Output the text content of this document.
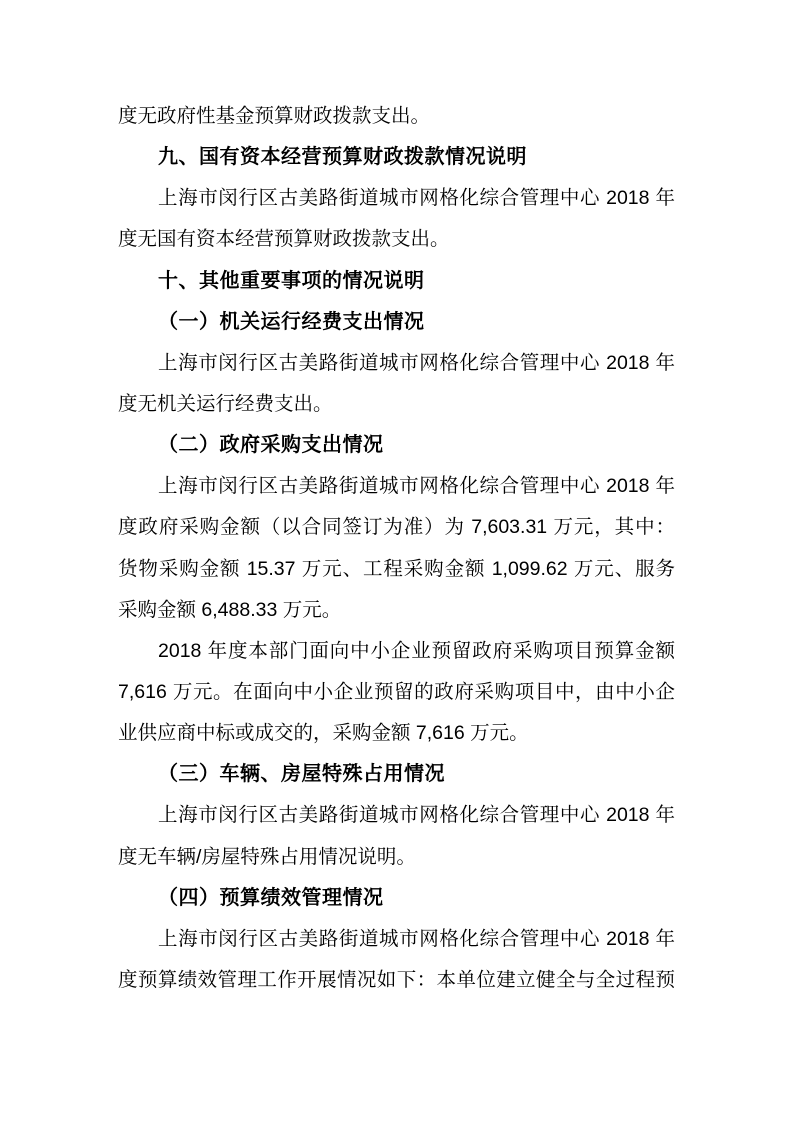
度无政府性基金预算财政拨款支出。
九、国有资本经营预算财政拨款情况说明
上海市闵行区古美路街道城市网格化综合管理中心 2018 年
度无国有资本经营预算财政拨款支出。
十、其他重要事项的情况说明
（一）机关运行经费支出情况
上海市闵行区古美路街道城市网格化综合管理中心 2018 年
度无机关运行经费支出。
（二）政府采购支出情况
上海市闵行区古美路街道城市网格化综合管理中心 2018 年
度政府采购金额（以合同签订为准）为 7,603.31 万元，其中：
货物采购金额 15.37 万元、工程采购金额 1,099.62 万元、服务
采购金额 6,488.33 万元。
2018 年度本部门面向中小企业预留政府采购项目预算金额
7,616 万元。在面向中小企业预留的政府采购项目中，由中小企
业供应商中标或成交的，采购金额 7,616 万元。
（三）车辆、房屋特殊占用情况
上海市闵行区古美路街道城市网格化综合管理中心 2018 年
度无车辆/房屋特殊占用情况说明。
（四）预算绩效管理情况
上海市闵行区古美路街道城市网格化综合管理中心 2018 年
度预算绩效管理工作开展情况如下：本单位建立健全与全过程预
